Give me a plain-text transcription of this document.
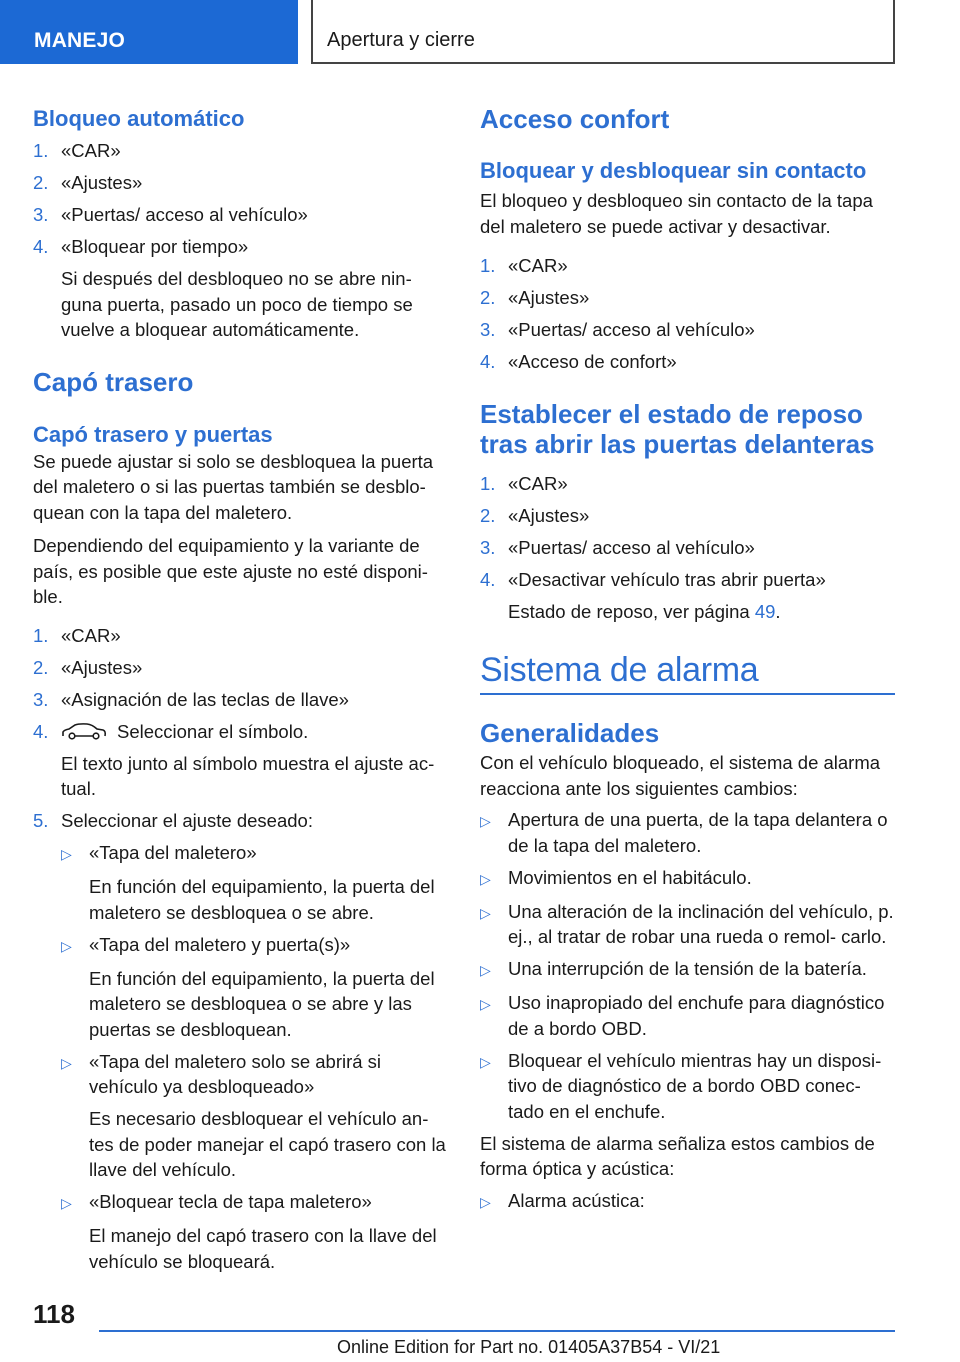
MANEJO	Apertura y cierre
Bloqueo automático
1. «CAR»
2. «Ajustes»
3. «Puertas/ acceso al vehículo»
4. «Bloquear por tiempo»
Si después del desbloqueo no se abre nin‐ guna puerta, pasado un poco de tiempo se vuelve a bloquear automáticamente.
Capó trasero
Capó trasero y puertas

Se puede ajustar si solo se desbloquea la puerta del maletero o si las puertas también se desblo‐ quean con la tapa del maletero.

Dependiendo del equipamiento y la variante de país, es posible que este ajuste no esté disponi‐ ble.

1. «CAR»
2. «Ajustes»
3. «Asignación de las teclas de llave»
4.	Seleccionar el símbolo.
El texto junto al símbolo muestra el ajuste ac‐ tual.
5. Seleccionar el ajuste deseado:
▷ «Tapa del maletero»
En función del equipamiento, la puerta del maletero se desbloquea o se abre.
▷ «Tapa del maletero y puerta(s)»
En función del equipamiento, la puerta del maletero se desbloquea o se abre y las puertas se desbloquean.
▷ «Tapa del maletero solo se abrirá si vehículo ya desbloqueado»
Es necesario desbloquear el vehículo an‐ tes de poder manejar el capó trasero con la llave del vehículo.
▷ «Bloquear tecla de tapa maletero»
El manejo del capó trasero con la llave del vehículo se bloqueará.
Acceso confort
Bloquear y desbloquear sin contacto

El bloqueo y desbloqueo sin contacto de la tapa del maletero se puede activar y desactivar.

1. «CAR»
2. «Ajustes»
3. «Puertas/ acceso al vehículo»
4. «Acceso de confort»
Establecer el estado de reposo tras abrir las puertas delanteras
1. «CAR»
2. «Ajustes»
3. «Puertas/ acceso al vehículo»
4. «Desactivar vehículo tras abrir puerta»
Estado de reposo, ver página 49.
Sistema de alarma
Generalidades

Con el vehículo bloqueado, el sistema de alarma reacciona ante los siguientes cambios:

▷ Apertura de una puerta, de la tapa delantera o de la tapa del maletero.
▷ Movimientos en el habitáculo.
▷ Una alteración de la inclinación del vehículo, p. ej., al tratar de robar una rueda o remol‐ carlo.
▷ Una interrupción de la tensión de la batería.
▷ Uso inapropiado del enchufe para diagnóstico de a bordo OBD.
▷ Bloquear el vehículo mientras hay un disposi‐ tivo de diagnóstico de a bordo OBD conec‐ tado en el enchufe.

El sistema de alarma señaliza estos cambios de forma óptica y acústica:

▷ Alarma acústica:
118
Online Edition for Part no. 01405A37B54 - VI/21
